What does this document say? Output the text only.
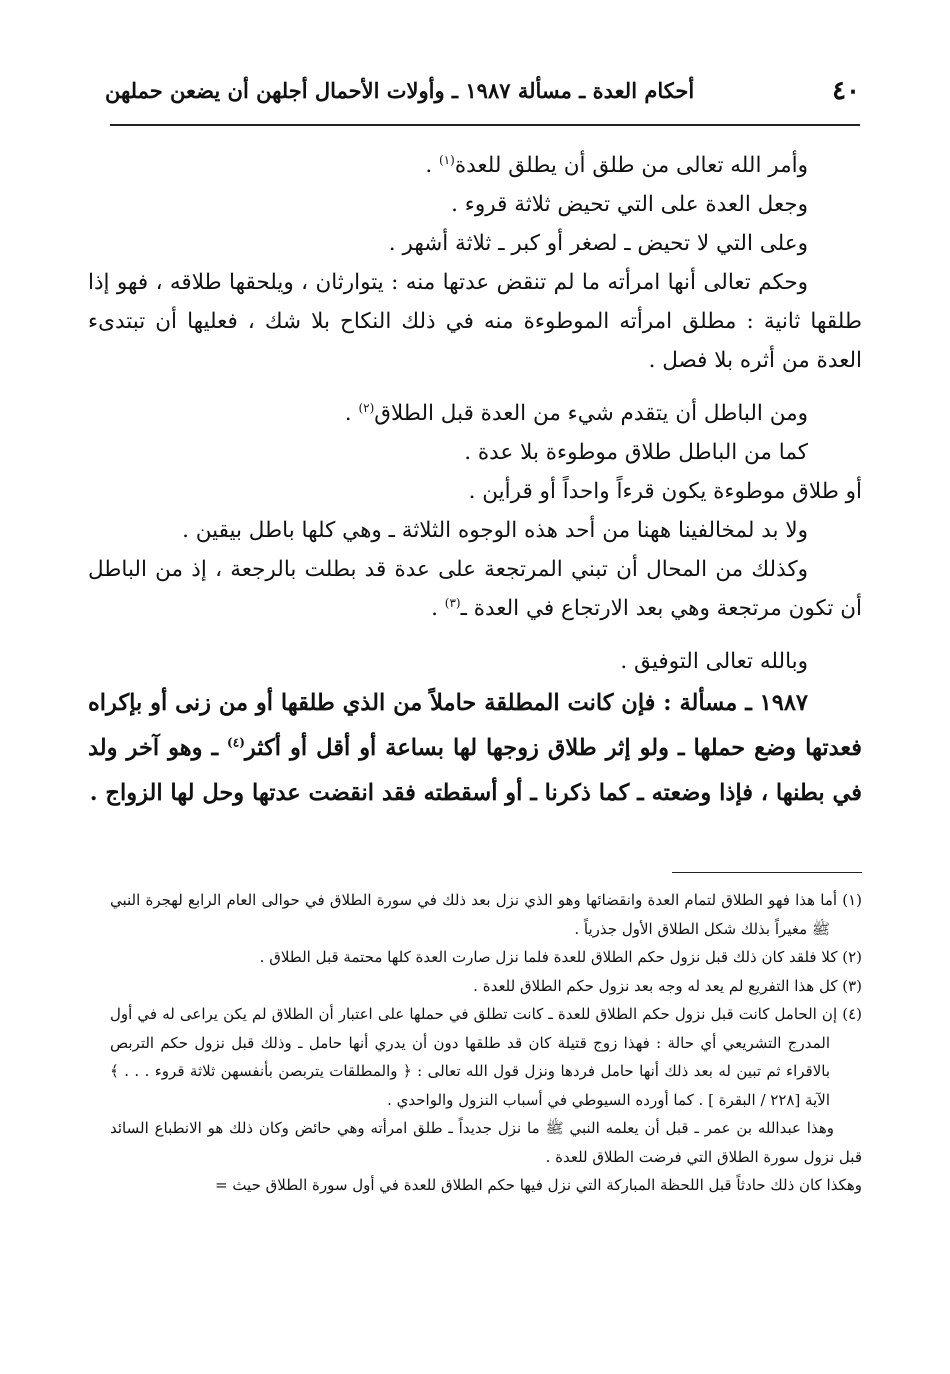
٤٠
أحكام العدة ـ مسألة ١٩٨٧ ـ وأولات الأحمال أجلهن أن يضعن حملهن

وأمر الله تعالى من طلق أن يطلق للعدة$^{(١)}$ .

وجعل العدة على التي تحيض ثلاثة قروء .

وعلى التي لا تحيض ـ لصغر أو كبر ـ ثلاثة أشهر .

وحكم تعالى أنها امرأته ما لم تنقض عدتها منه : يتوارثان ، ويلحقها طلاقه ، فهو إذا طلقها ثانية : مطلق امرأته الموطوءة منه في ذلك النكاح بلا شك ، فعليها أن تبتدىء العدة من أثره بلا فصل .

ومن الباطل أن يتقدم شيء من العدة قبل الطلاق$^{(٢)}$ .

كما من الباطل طلاق موطوءة بلا عدة .

أو طلاق موطوءة يكون قرءاً واحداً أو قرأين .

ولا بد لمخالفينا ههنا من أحد هذه الوجوه الثلاثة ـ وهي كلها باطل بيقين .

وكذلك من المحال أن تبني المرتجعة على عدة قد بطلت بالرجعة ، إذ من الباطل أن تكون مرتجعة وهي بعد الارتجاع في العدة ـ$^{(٣)}$ .

وبالله تعالى التوفيق .

١٩٨٧ ـ مسألة : فإن كانت المطلقة حاملاً من الذي طلقها أو من زنى أو بإكراه فعدتها وضع حملها ـ ولو إثر طلاق زوجها لها بساعة أو أقل أو أكثر$^{(٤)}$ ـ وهو آخر ولد في بطنها ، فإذا وضعته ـ كما ذكرنا ـ أو أسقطته فقد انقضت عدتها وحل لها الزواج .

(١) أما هذا فهو الطلاق لتمام العدة وانقضائها وهو الذي نزل بعد ذلك في سورة الطلاق في حوالى العام الرابع لهجرة النبي ﷺ مغيراً بذلك شكل الطلاق الأول جذرياً .

(٢) كلا فلقد كان ذلك قبل نزول حكم الطلاق للعدة فلما نزل صارت العدة كلها محتمة قبل الطلاق .

(٣) كل هذا التفريع لم يعد له وجه بعد نزول حكم الطلاق للعدة .

(٤) إن الحامل كانت قبل نزول حكم الطلاق للعدة ـ كانت تطلق في حملها على اعتبار أن الطلاق لم يكن يراعى له في أول المدرج التشريعي أي حالة : فهذا زوج قتيلة كان قد طلقها دون أن يدري أنها حامل ـ وذلك قبل نزول حكم التربص بالاقراء ثم تبين له بعد ذلك أنها حامل فردها ونزل قول الله تعالى : ﴿ والمطلقات يتربصن بأنفسهن ثلاثة قروء . . . ﴾ الآية [٢٢٨ / البقرة ] . كما أورده السيوطي في أسباب النزول والواحدي .

وهذا عبدالله بن عمر ـ قبل أن يعلمه النبي ﷺ ما نزل جديداً ـ طلق امرأته وهي حائض وكان ذلك هو الانطباع السائد قبل نزول سورة الطلاق التي فرضت الطلاق للعدة .

وهكذا كان ذلك حادثاً قبل اللحظة المباركة التي نزل فيها حكم الطلاق للعدة في أول سورة الطلاق حيث =
